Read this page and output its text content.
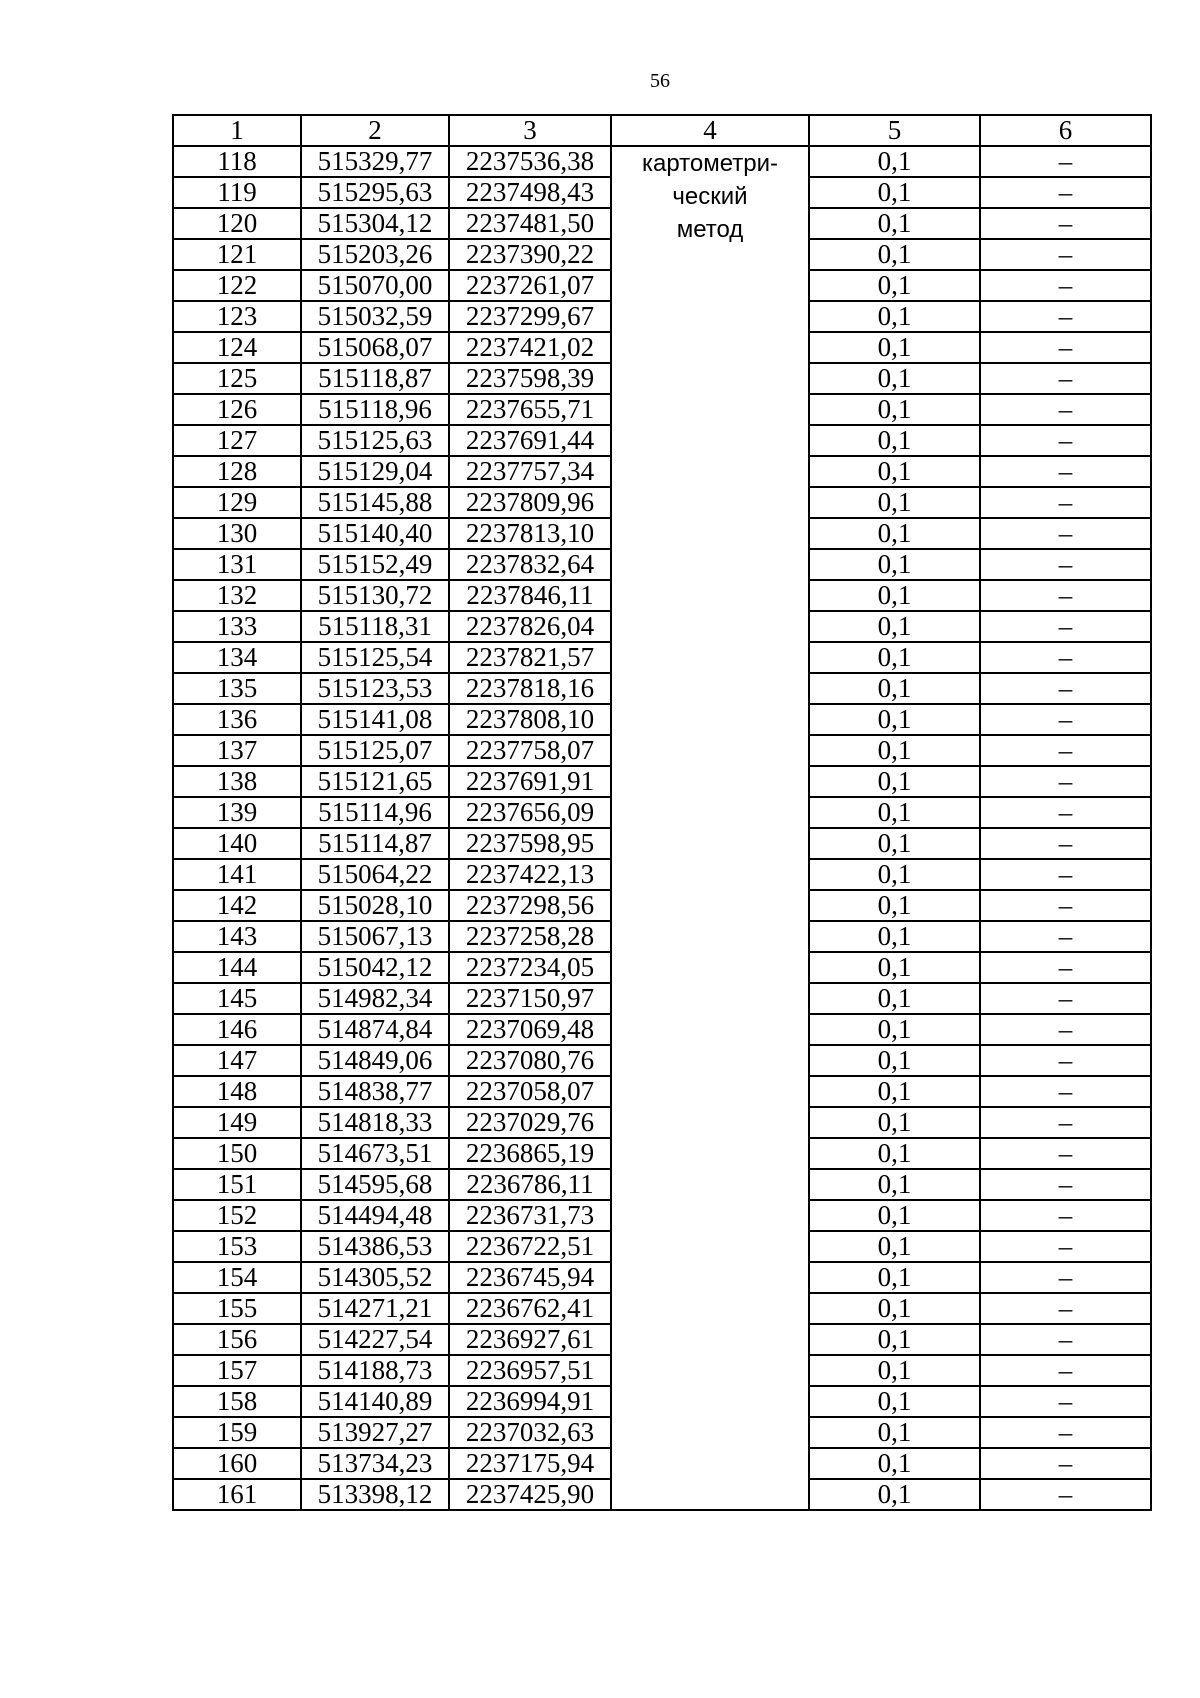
56
1	2	3	4	5	6
118	515329,77	2237536,38	картометри-
ческий
метод	0,1	–
119	515295,63	2237498,43		0,1	–
120	515304,12	2237481,50		0,1	–
121	515203,26	2237390,22		0,1	–
122	515070,00	2237261,07		0,1	–
123	515032,59	2237299,67		0,1	–
124	515068,07	2237421,02		0,1	–
125	515118,87	2237598,39		0,1	–
126	515118,96	2237655,71		0,1	–
127	515125,63	2237691,44		0,1	–
128	515129,04	2237757,34		0,1	–
129	515145,88	2237809,96		0,1	–
130	515140,40	2237813,10		0,1	–
131	515152,49	2237832,64		0,1	–
132	515130,72	2237846,11		0,1	–
133	515118,31	2237826,04		0,1	–
134	515125,54	2237821,57		0,1	–
135	515123,53	2237818,16		0,1	–
136	515141,08	2237808,10		0,1	–
137	515125,07	2237758,07		0,1	–
138	515121,65	2237691,91		0,1	–
139	515114,96	2237656,09		0,1	–
140	515114,87	2237598,95		0,1	–
141	515064,22	2237422,13		0,1	–
142	515028,10	2237298,56		0,1	–
143	515067,13	2237258,28		0,1	–
144	515042,12	2237234,05		0,1	–
145	514982,34	2237150,97		0,1	–
146	514874,84	2237069,48		0,1	–
147	514849,06	2237080,76		0,1	–
148	514838,77	2237058,07		0,1	–
149	514818,33	2237029,76		0,1	–
150	514673,51	2236865,19		0,1	–
151	514595,68	2236786,11		0,1	–
152	514494,48	2236731,73		0,1	–
153	514386,53	2236722,51		0,1	–
154	514305,52	2236745,94		0,1	–
155	514271,21	2236762,41		0,1	–
156	514227,54	2236927,61		0,1	–
157	514188,73	2236957,51		0,1	–
158	514140,89	2236994,91		0,1	–
159	513927,27	2237032,63		0,1	–
160	513734,23	2237175,94		0,1	–
161	513398,12	2237425,90		0,1	–
